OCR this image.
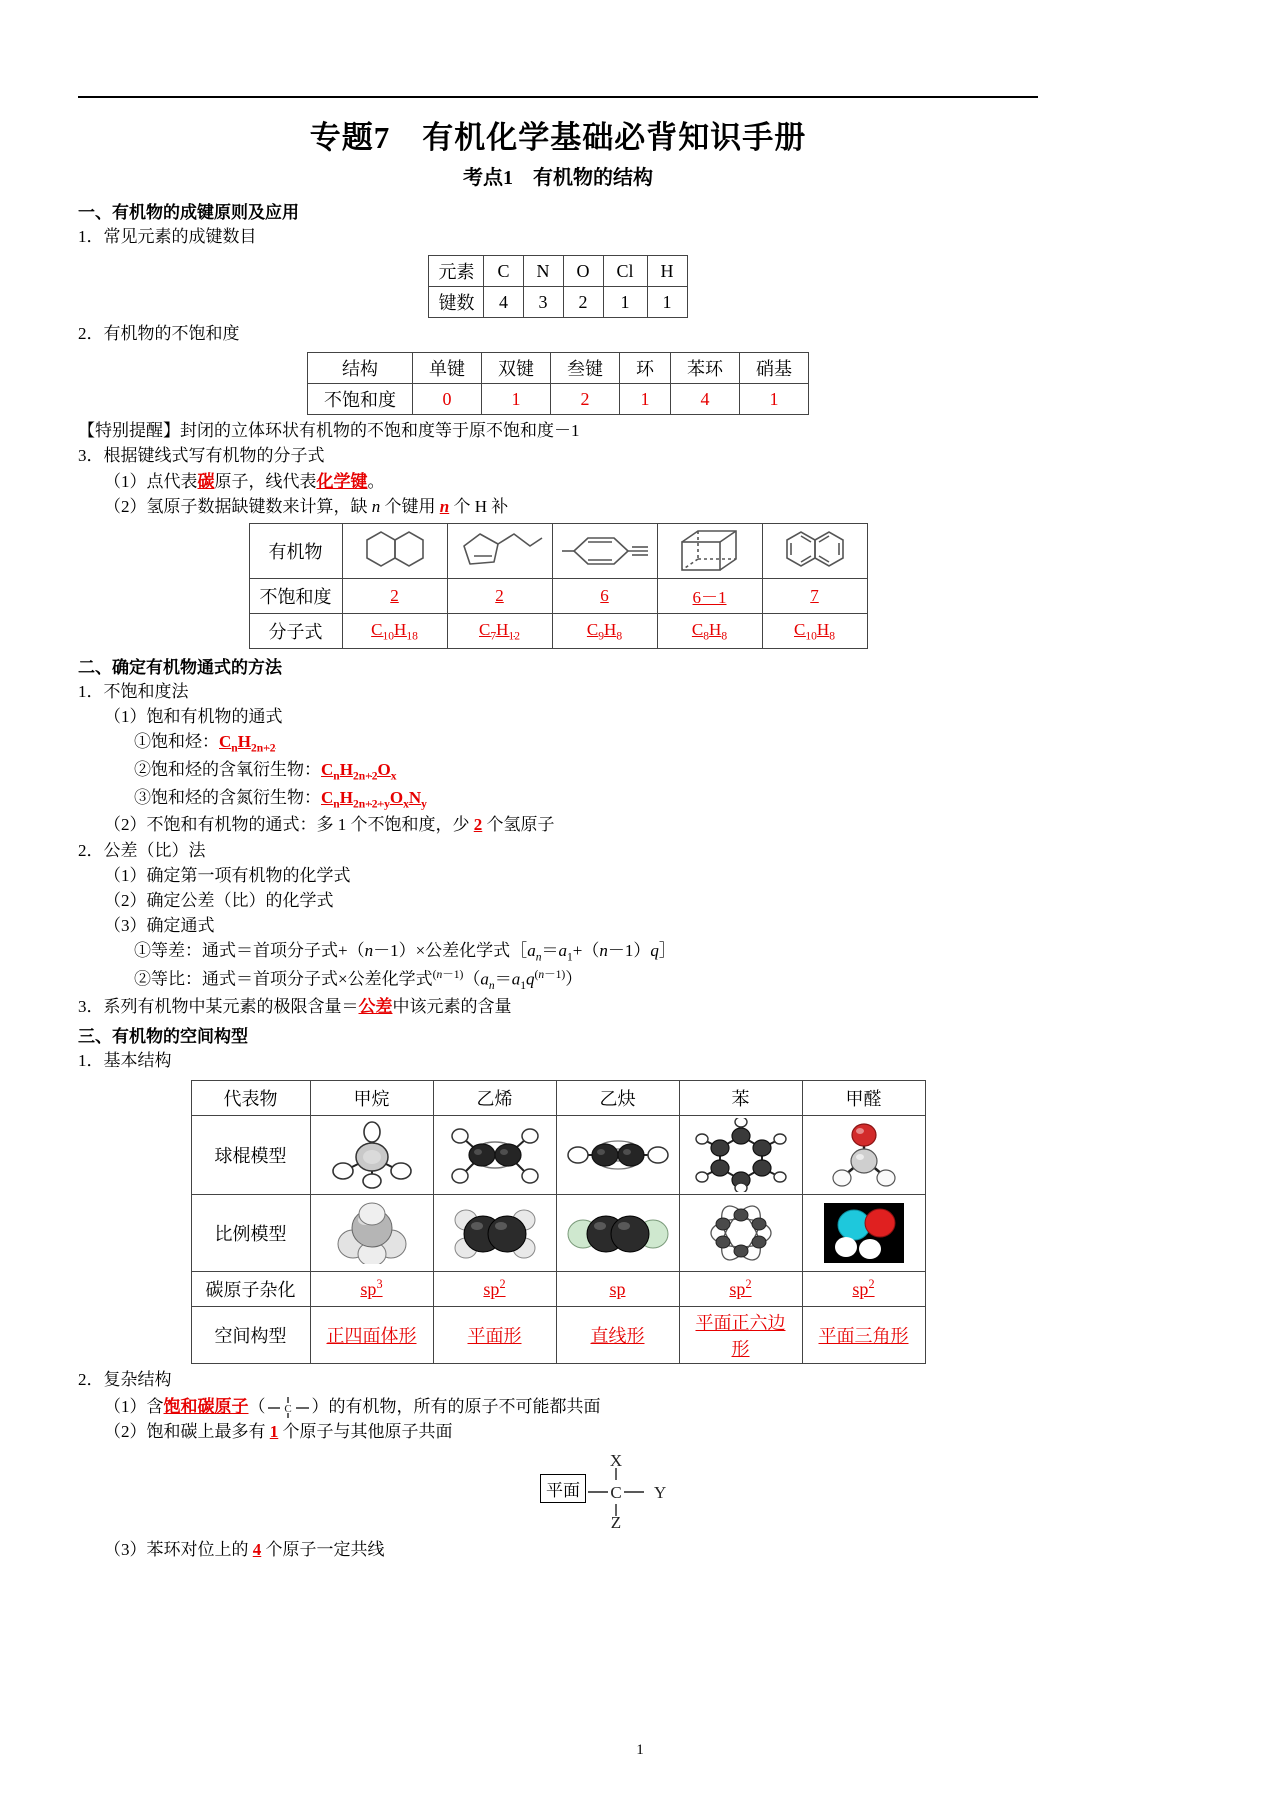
专题7　有机化学基础必背知识手册
考点1　有机物的结构
一、有机物的成键原则及应用
1．常见元素的成键数目
元素	C	N	O	Cl	H
键数	4	3	2	1	1
2．有机物的不饱和度
结构	单键	双键	叁键	环	苯环	硝基
不饱和度	0	1	2	1	4	1
【特别提醒】封闭的立体环状有机物的不饱和度等于原不饱和度－1
3．根据键线式写有机物的分子式
（1）点代表碳原子，线代表化学键。
（2）氢原子数据缺键数来计算，缺 n 个键用 n 个 H 补
有机物	

不饱和度	2	2	6	6－1	7
分子式	$C_{10}H_{18}$	$C_7H_{12}$	$C_9H_8$	$C_8H_8$	$C_{10}H_8$
二、确定有机物通式的方法
1．不饱和度法
（1）饱和有机物的通式
①饱和烃：$C_nH_{2n+2}$
②饱和烃的含氧衍生物：$C_nH_{2n+2}O_x$
③饱和烃的含氮衍生物：$C_nH_{2n+2+y}O_xN_y$
（2）不饱和有机物的通式：多 1 个不饱和度，少 2 个氢原子
2．公差（比）法
（1）确定第一项有机物的化学式
（2）确定公差（比）的化学式
（3）确定通式
①等差：通式＝首项分子式+（n－1）×公差化学式$[a_n=a_1+(n-1)q]$
②等比：通式＝首项分子式×公差化学式$^{(n-1)}(a_n=a_1q^{(n-1)})$
3．系列有机物中某元素的极限含量＝公差中该元素的含量
三、有机物的空间构型
1．基本结构
代表物	甲烷	乙烯	乙炔	苯	甲醛
球棍模型	

比例模型	

碳原子杂化	$sp^3$	$sp^2$	sp	$sp^2$	$sp^2$
空间构型	正四面体形	平面形	直线形	平面正六边形	平面三角形
2．复杂结构
（1）含饱和碳原子（ C ）的有机物，所有的原子不可能都共面
（2）饱和碳上最多有 1 个原子与其他原子共面
平面
X
C
Z
Y
（3）苯环对位上的 4 个原子一定共线
1
